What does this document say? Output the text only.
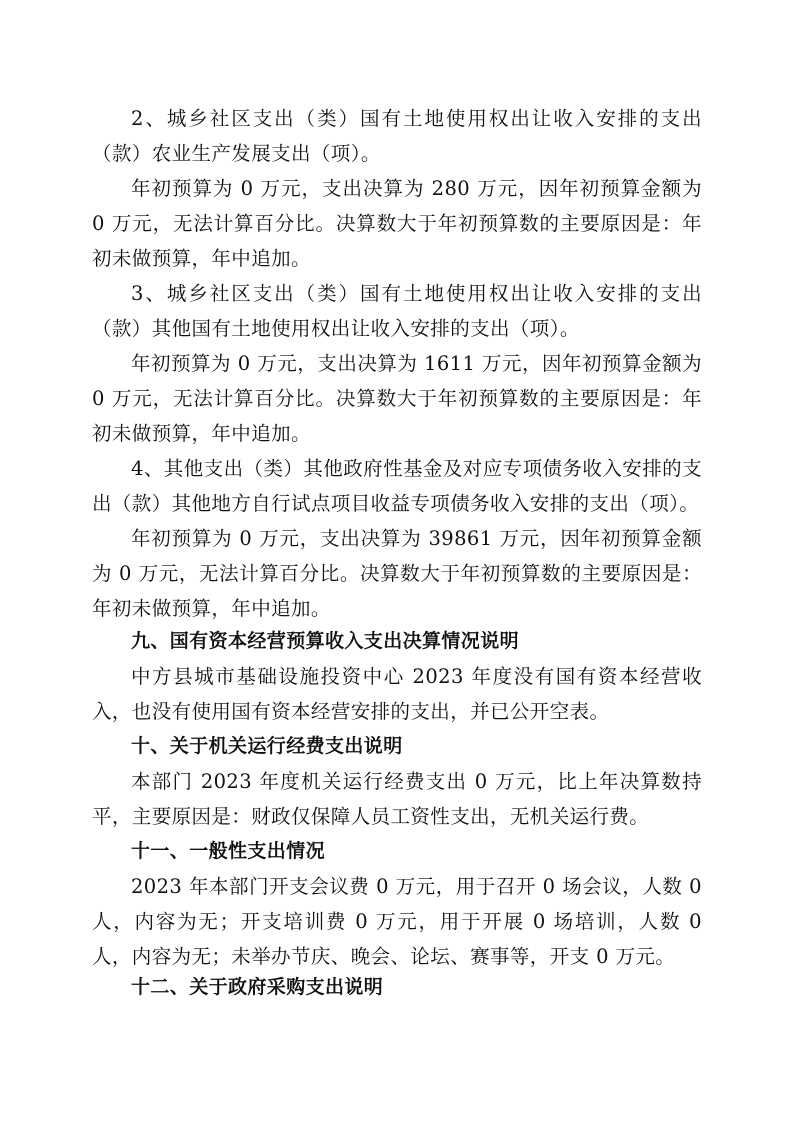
2、城乡社区支出（类）国有土地使用权出让收入安排的支出（款）农业生产发展支出（项）。

年初预算为 0 万元，支出决算为 280 万元，因年初预算金额为 0 万元，无法计算百分比。决算数大于年初预算数的主要原因是：年初未做预算，年中追加。

3、城乡社区支出（类）国有土地使用权出让收入安排的支出（款）其他国有土地使用权出让收入安排的支出（项）。

年初预算为 0 万元，支出决算为 1611 万元，因年初预算金额为 0 万元，无法计算百分比。决算数大于年初预算数的主要原因是：年初未做预算，年中追加。

4、其他支出（类）其他政府性基金及对应专项债务收入安排的支出（款）其他地方自行试点项目收益专项债务收入安排的支出（项）。

年初预算为 0 万元，支出决算为 39861 万元，因年初预算金额为 0 万元，无法计算百分比。决算数大于年初预算数的主要原因是：年初未做预算，年中追加。

九、国有资本经营预算收入支出决算情况说明

中方县城市基础设施投资中心 2023 年度没有国有资本经营收入，也没有使用国有资本经营安排的支出，并已公开空表。

十、关于机关运行经费支出说明

本部门 2023 年度机关运行经费支出 0 万元，比上年决算数持平，主要原因是：财政仅保障人员工资性支出，无机关运行费。

十一、一般性支出情况

2023 年本部门开支会议费 0 万元，用于召开 0 场会议，人数 0 人，内容为无；开支培训费 0 万元，用于开展 0 场培训，人数 0 人，内容为无；未举办节庆、晚会、论坛、赛事等，开支 0 万元。

十二、关于政府采购支出说明
